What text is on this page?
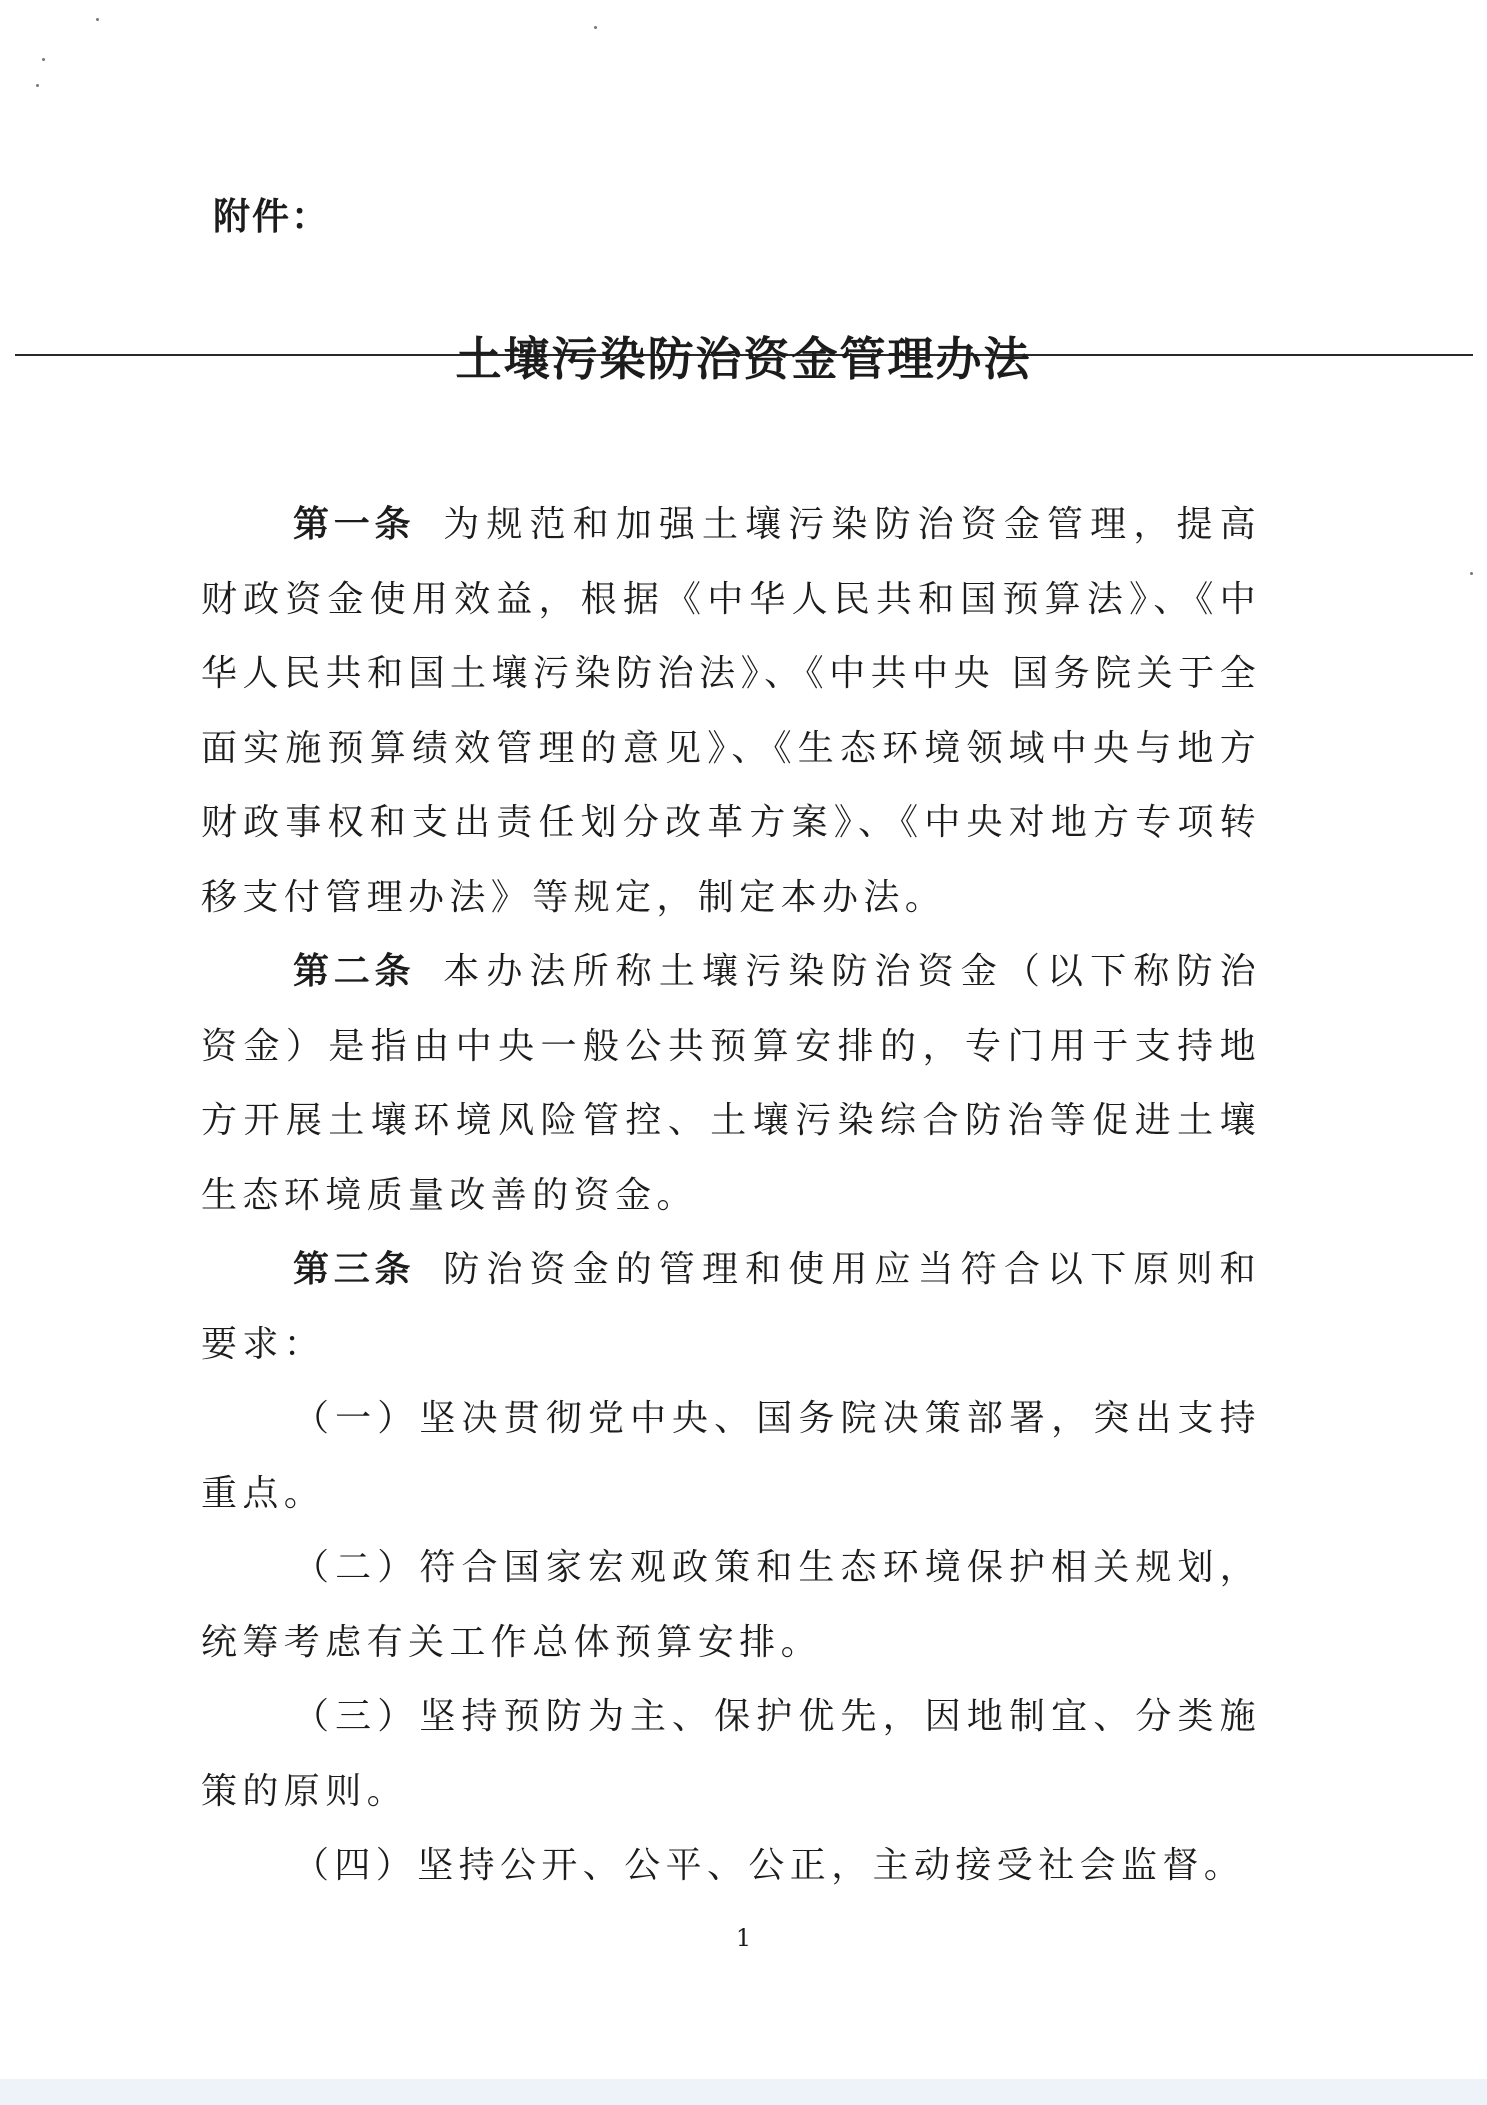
附件：
土壤污染防治资金管理办法

第一条 为规范和加强土壤污染防治资金管理，提高财政资金使用效益，根据《中华人民共和国预算法》、《中华人民共和国土壤污染防治法》、《中共中央 国务院关于全面实施预算绩效管理的意见》、《生态环境领域中央与地方财政事权和支出责任划分改革方案》、《中央对地方专项转移支付管理办法》等规定，制定本办法。

第二条 本办法所称土壤污染防治资金（以下称防治资金）是指由中央一般公共预算安排的，专门用于支持地方开展土壤环境风险管控、土壤污染综合防治等促进土壤生态环境质量改善的资金。

第三条 防治资金的管理和使用应当符合以下原则和要求：

（一）坚决贯彻党中央、国务院决策部署，突出支持重点。

（二）符合国家宏观政策和生态环境保护相关规划，统筹考虑有关工作总体预算安排。

（三）坚持预防为主、保护优先，因地制宜、分类施策的原则。

（四）坚持公开、公平、公正，主动接受社会监督。

1
